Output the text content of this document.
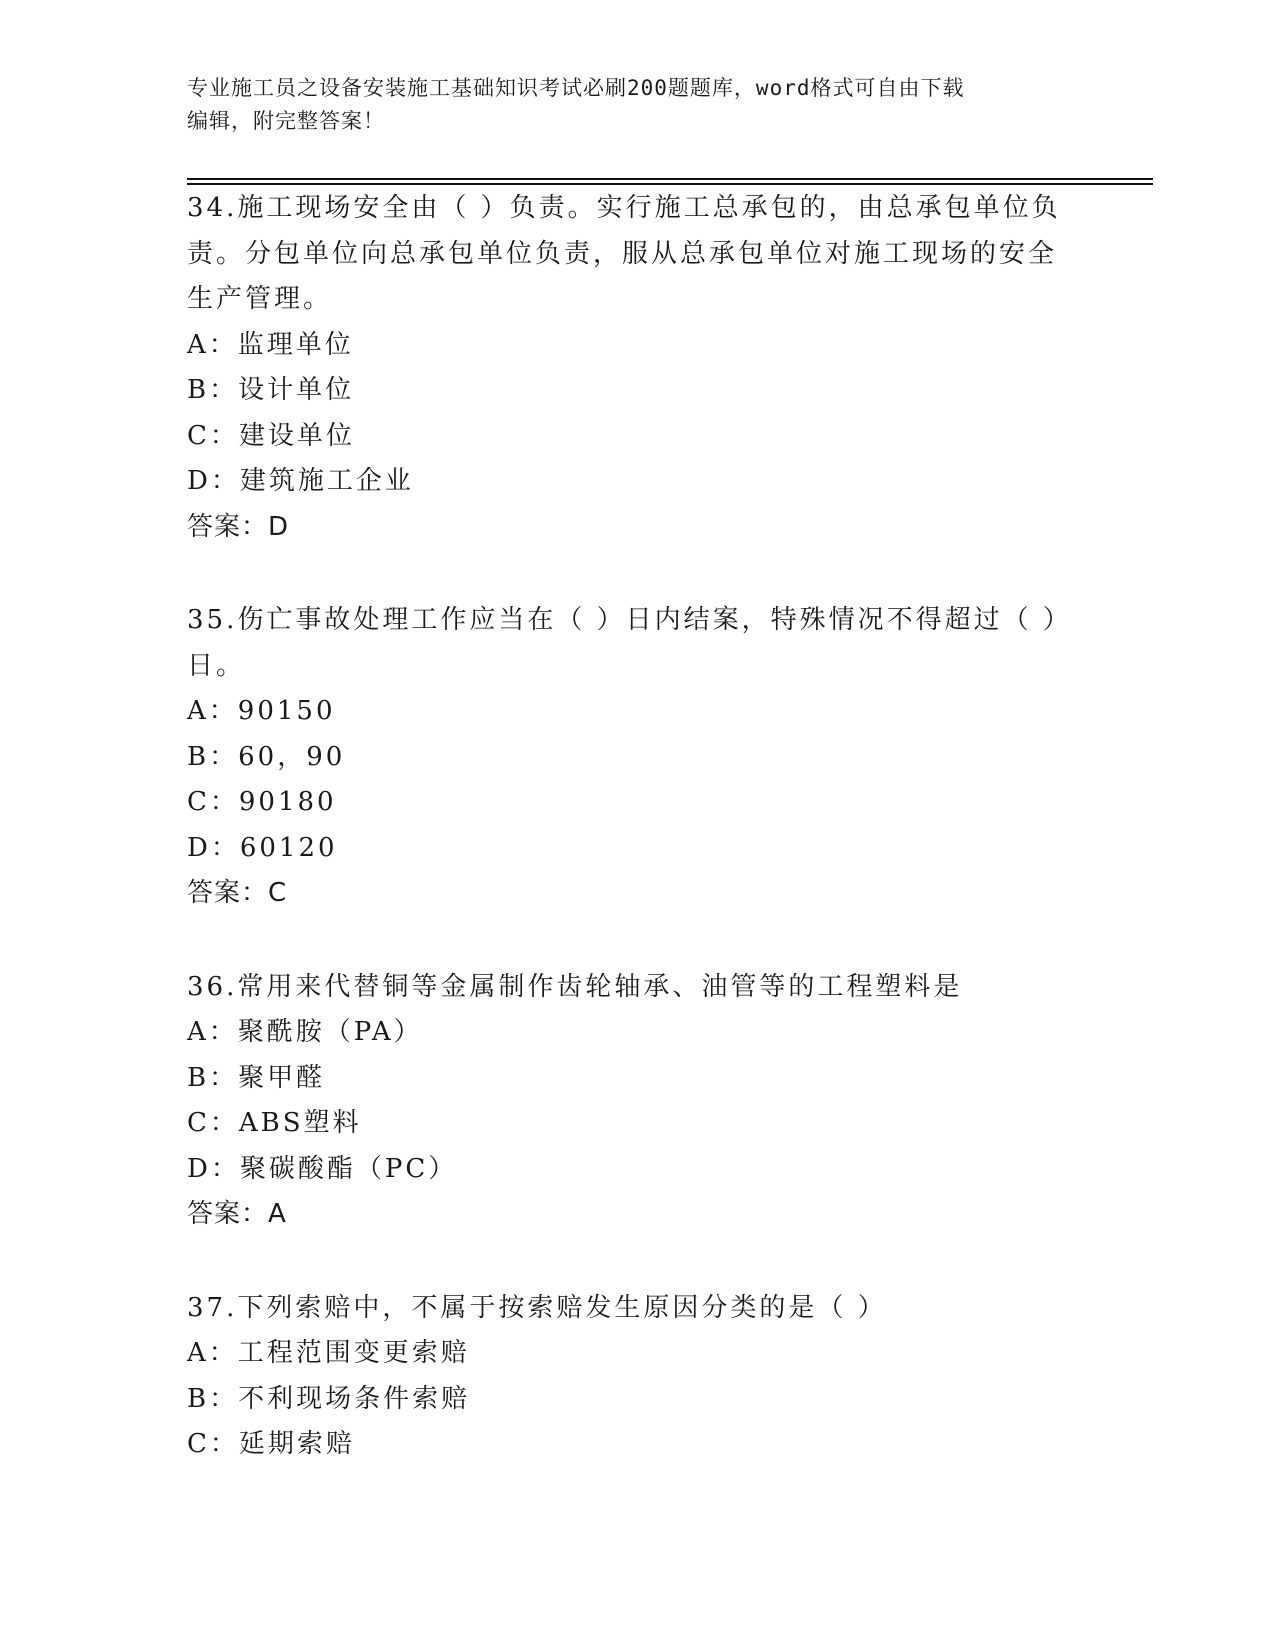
专业施工员之设备安装施工基础知识考试必刷200题题库，word格式可自由下载
编辑，附完整答案！

34.施工现场安全由（ ）负责。实行施工总承包的，由总承包单位负

责。分包单位向总承包单位负责，服从总承包单位对施工现场的安全

生产管理。

A：监理单位

B：设计单位

C：建设单位

D：建筑施工企业

答案：D

35.伤亡事故处理工作应当在（ ）日内结案，特殊情况不得超过（ ）

日。

A：90150

B：60，90

C：90180

D：60120

答案：C

36.常用来代替铜等金属制作齿轮轴承、油管等的工程塑料是

A：聚酰胺（PA）

B：聚甲醛

C：ABS塑料

D：聚碳酸酯（PC）

答案：A

37.下列索赔中，不属于按索赔发生原因分类的是（ ）

A：工程范围变更索赔

B：不利现场条件索赔

C：延期索赔
